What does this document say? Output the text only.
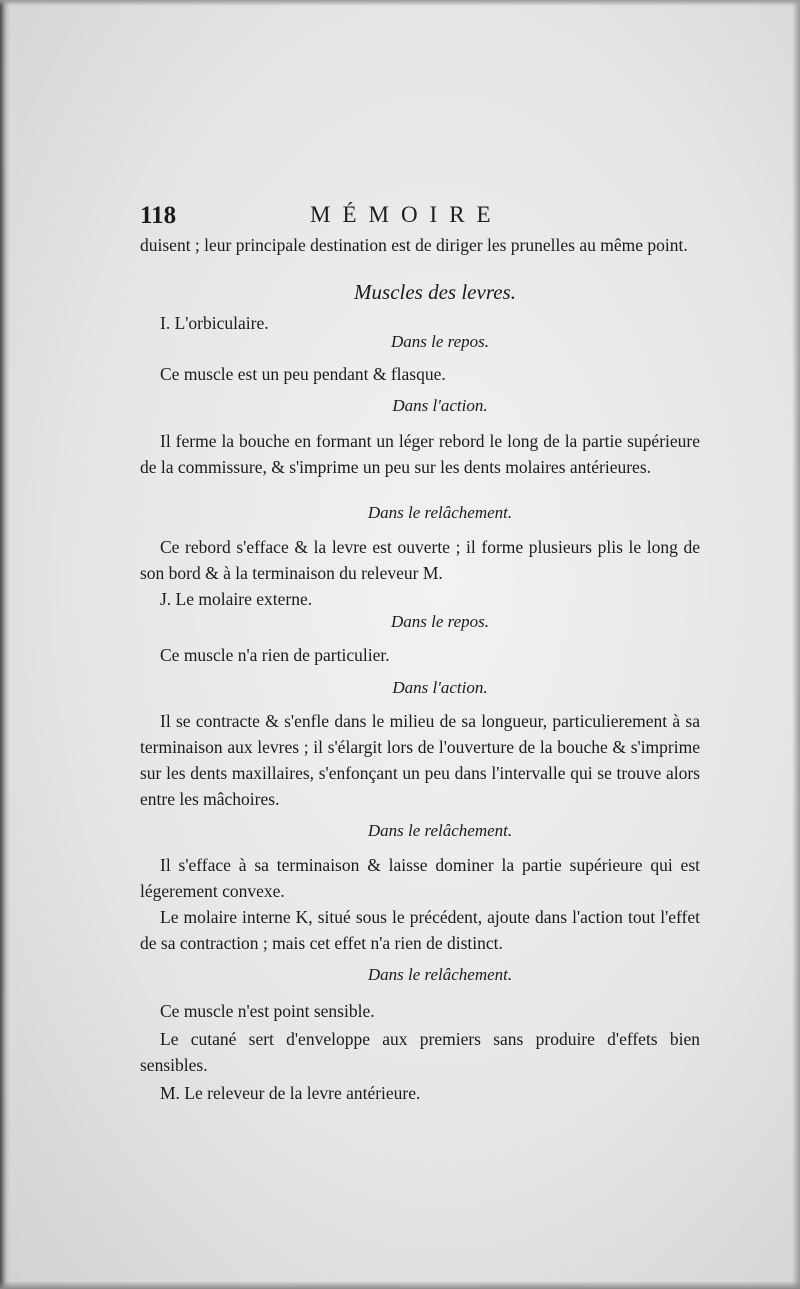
118	MÉMOIRE
duisent ; leur principale destination est de diriger les prunelles au même point.
Muscles des levres.
I. L'orbiculaire.
Dans le repos.
Ce muscle est un peu pendant & flasque.
Dans l'action.
Il ferme la bouche en formant un léger rebord le long de la partie supérieure de la commissure, & s'imprime un peu sur les dents molaires antérieures.
Dans le relâchement.
Ce rebord s'efface & la levre est ouverte ; il forme plusieurs plis le long de son bord & à la terminaison du releveur M.
J. Le molaire externe.
Dans le repos.
Ce muscle n'a rien de particulier.
Dans l'action.
Il se contracte & s'enfle dans le milieu de sa longueur, particulierement à sa terminaison aux levres ; il s'élargit lors de l'ouverture de la bouche & s'imprime sur les dents maxillaires, s'enfonçant un peu dans l'intervalle qui se trouve alors entre les mâchoires.
Dans le relâchement.
Il s'efface à sa terminaison & laisse dominer la partie supérieure qui est légerement convexe.
Le molaire interne K, situé sous le précédent, ajoute dans l'action tout l'effet de sa contraction ; mais cet effet n'a rien de distinct.
Dans le relâchement.
Ce muscle n'est point sensible.
Le cutané sert d'enveloppe aux premiers sans produire d'effets bien sensibles.
M. Le releveur de la levre antérieure.
